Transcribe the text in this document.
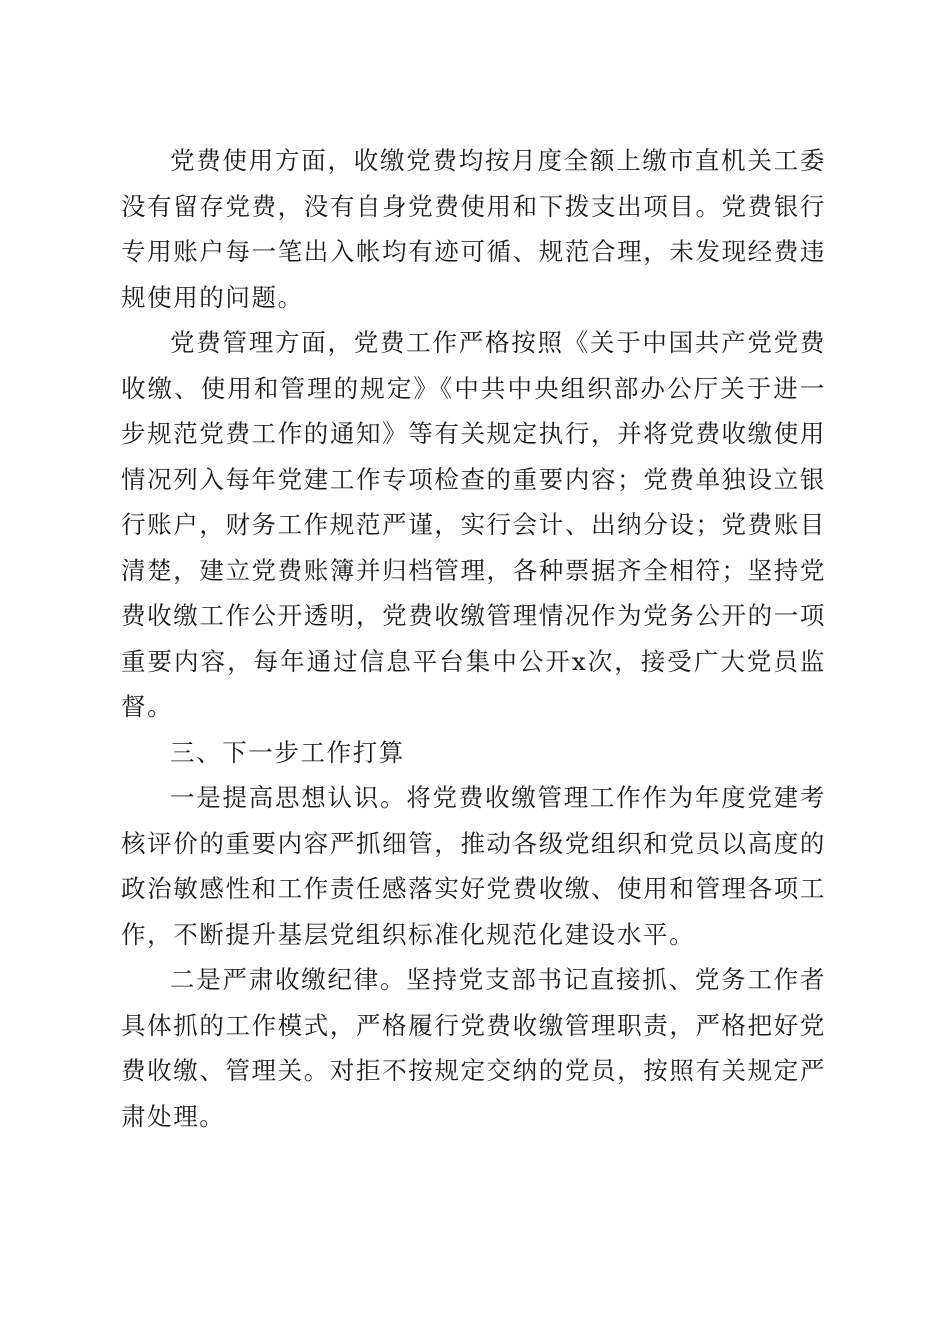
党费使用方面，收缴党费均按月度全额上缴市直机关工委没有留存党费，没有自身党费使用和下拨支出项目。党费银行专用账户每一笔出入帐均有迹可循、规范合理，未发现经费违规使用的问题。

党费管理方面，党费工作严格按照《关于中国共产党党费收缴、使用和管理的规定》《中共中央组织部办公厅关于进一步规范党费工作的通知》等有关规定执行，并将党费收缴使用情况列入每年党建工作专项检查的重要内容；党费单独设立银行账户，财务工作规范严谨，实行会计、出纳分设；党费账目清楚，建立党费账簿并归档管理，各种票据齐全相符；坚持党费收缴工作公开透明，党费收缴管理情况作为党务公开的一项重要内容，每年通过信息平台集中公开x次，接受广大党员监督。

三、下一步工作打算

一是提高思想认识。将党费收缴管理工作作为年度党建考核评价的重要内容严抓细管，推动各级党组织和党员以高度的政治敏感性和工作责任感落实好党费收缴、使用和管理各项工作，不断提升基层党组织标准化规范化建设水平。

二是严肃收缴纪律。坚持党支部书记直接抓、党务工作者具体抓的工作模式，严格履行党费收缴管理职责，严格把好党费收缴、管理关。对拒不按规定交纳的党员，按照有关规定严肃处理。
